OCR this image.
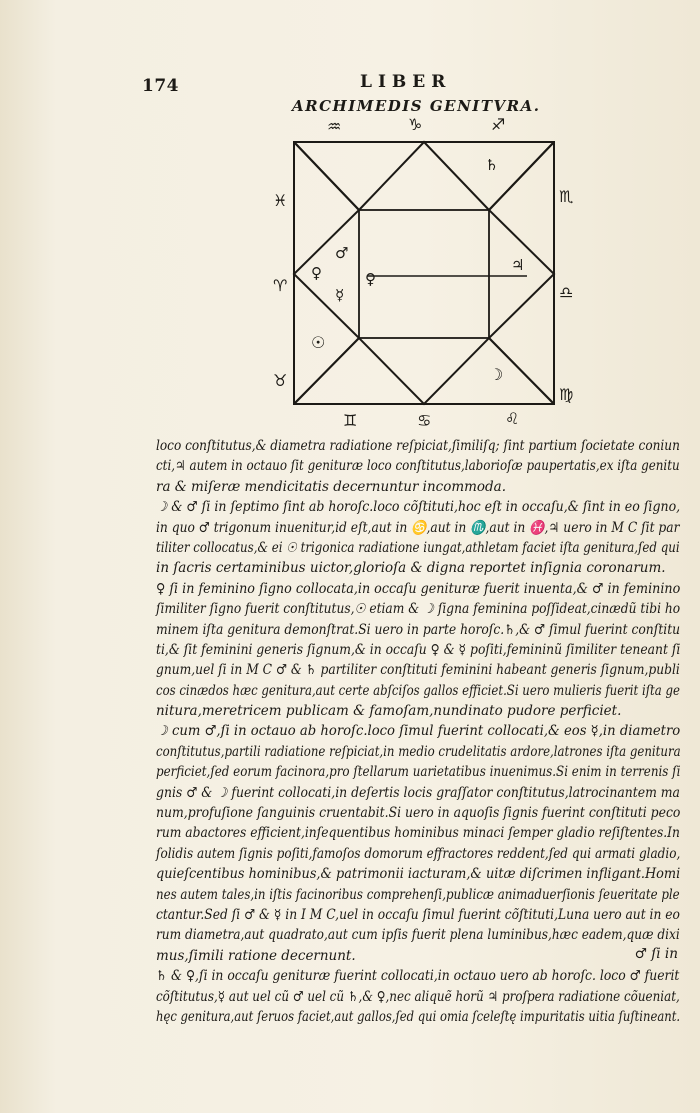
174	LIBER
ARCHIMEDIS GENITVRA.
♒	♑	♐
♄
♓
♈
♉
♏
♎
♍
♊	♋	♌
♂
♀
☿
♀
♃
☉
☽
loco conſtitutus,& diametra radiatione reſpiciat,ſimiliſq; ſint partium ſocietate coniun
cti,♃ autem in octauo ſit genituræ loco conſtitutus,laborioſæ paupertatis,ex iſta genitu
ra & miſeræ mendicitatis decernuntur incommoda.
☽ & ♂ ſi in ſeptimo ſint ab horoſc.loco cõſtituti,hoc eſt in occaſu,& ſint in eo ſigno,
in quo ♂ trigonum inuenitur,id eſt,aut in ♋,aut in ♏,aut in ♓,♃ uero in M C ſit par
tiliter collocatus,& ei ☉ trigonica radiatione iungat,athletam faciet iſta genitura,ſed qui
in ſacris certaminibus uictor,glorioſa & digna reportet inſignia coronarum.
♀ ſi in feminino ſigno collocata,in occaſu genituræ fuerit inuenta,& ♂ in feminino
ſimiliter ſigno fuerit conſtitutus,☉ etiam & ☽ ſigna feminina poſſideat,cinædũ tibi ho
minem iſta genitura demonſtrat.Si uero in parte horoſc.♄,& ♂ ſimul fuerint conſtitu
ti,& ſit feminini generis ſignum,& in occaſu ♀ & ☿ poſiti,femininũ ſimiliter teneant ſi
gnum,uel ſi in M C ♂ & ♄ partiliter conſtituti feminini habeant generis ſignum,publi
cos cinædos hæc genitura,aut certe abſciſos gallos efficiet.Si uero mulieris fuerit iſta ge
nitura,meretricem publicam & famoſam,nundinato pudore perficiet.
☽ cum ♂,ſi in octauo ab horoſc.loco ſimul fuerint collocati,& eos ☿,in diametro
conſtitutus,partili radiatione reſpiciat,in medio crudelitatis ardore,latrones iſta genitura
perficiet,ſed eorum facinora,pro ſtellarum uarietatibus inuenimus.Si enim in terrenis ſi
gnis ♂ & ☽ fuerint collocati,in deſertis locis graſſator conſtitutus,latrocinantem ma
num,profuſione ſanguinis cruentabit.Si uero in aquoſis ſignis fuerint conſtituti peco
rum abactores efficient,inſequentibus hominibus minaci ſemper gladio reſiſtentes.In
ſolidis autem ſignis poſiti,famoſos domorum effractores reddent,ſed qui armati gladio,
quieſcentibus hominibus,& patrimonii iacturam,& uitæ diſcrimen infligant.Homi
nes autem tales,in iſtis facinoribus comprehenſi,publicæ animaduerſionis ſeueritate ple
ctantur.Sed ſi ♂ & ☿ in I M C,uel in occaſu ſimul fuerint cõſtituti,Luna uero aut in eo
rum diametra,aut quadrato,aut cum ipſis fuerit plena luminibus,hæc eadem,quæ dixi
mus,ſimili ratione decernunt.
♄ & ♀,ſi in occaſu genituræ fuerint collocati,in octauo uero ab horoſc. loco ♂ fuerit
cõſtitutus,☿ aut uel cũ ♂ uel cũ ♄,& ♀,nec aliquẽ horũ ♃ proſpera radiatione cõueniat,
hęc genitura,aut ſeruos faciet,aut gallos,ſed qui omia ſceleſtę impuritatis uitia ſuſtineant.
♂ ſi in
